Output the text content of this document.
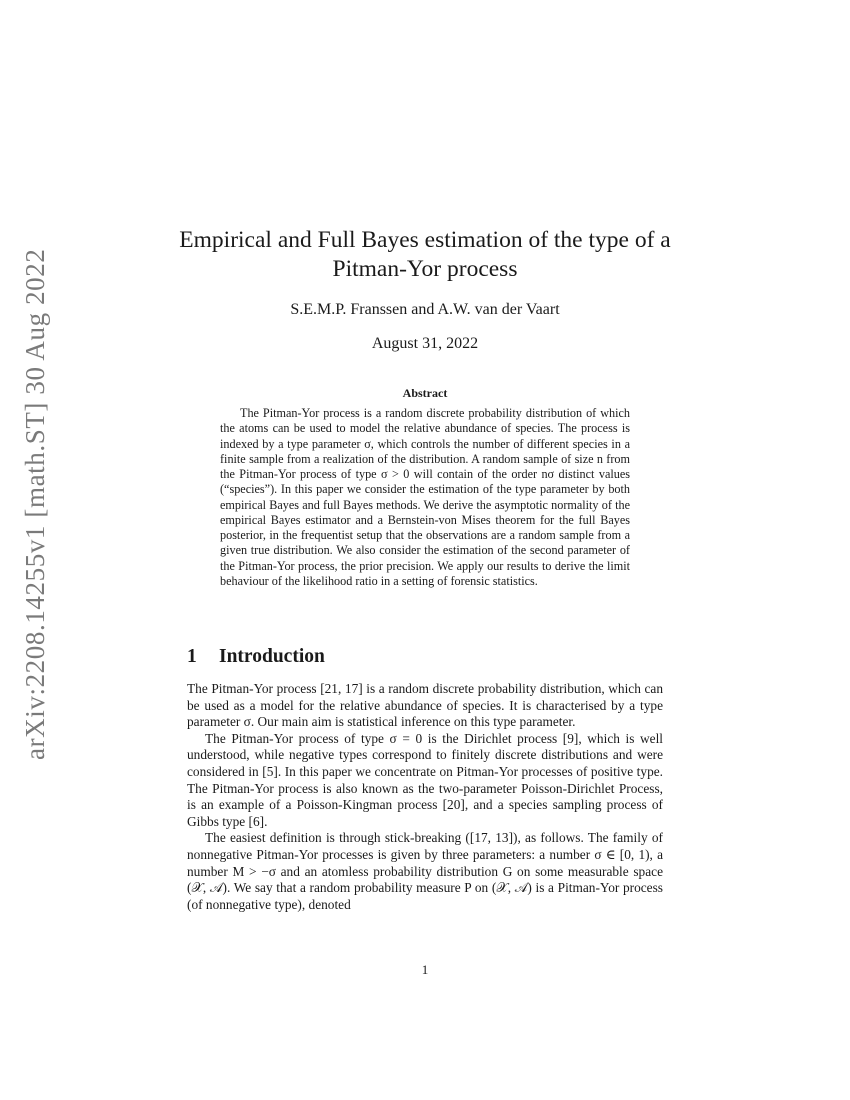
arXiv:2208.14255v1 [math.ST] 30 Aug 2022
Empirical and Full Bayes estimation of the type of a Pitman-Yor process
S.E.M.P. Franssen and A.W. van der Vaart
August 31, 2022
Abstract

The Pitman-Yor process is a random discrete probability distribution of which the atoms can be used to model the relative abundance of species. The process is indexed by a type parameter σ, which controls the number of different species in a finite sample from a realization of the distribution. A random sample of size n from the Pitman-Yor process of type σ > 0 will contain of the order nσ distinct values (“species”). In this paper we consider the estimation of the type parameter by both empirical Bayes and full Bayes methods. We derive the asymptotic normality of the empirical Bayes estimator and a Bernstein-von Mises theorem for the full Bayes posterior, in the frequentist setup that the observations are a random sample from a given true distribution. We also consider the estimation of the second parameter of the Pitman-Yor process, the prior precision. We apply our results to derive the limit behaviour of the likelihood ratio in a setting of forensic statistics.

1 Introduction

The Pitman-Yor process [21, 17] is a random discrete probability distribution, which can be used as a model for the relative abundance of species. It is characterised by a type parameter σ. Our main aim is statistical inference on this type parameter.

The Pitman-Yor process of type σ = 0 is the Dirichlet process [9], which is well understood, while negative types correspond to finitely discrete distributions and were considered in [5]. In this paper we concentrate on Pitman-Yor processes of positive type. The Pitman-Yor process is also known as the two-parameter Poisson-Dirichlet Process, is an example of a Poisson-Kingman process [20], and a species sampling process of Gibbs type [6].

The easiest definition is through stick-breaking ([17, 13]), as follows. The family of nonnegative Pitman-Yor processes is given by three parameters: a number σ ∈ [0, 1), a number M > −σ and an atomless probability distribution G on some measurable space (𝒳, 𝒜). We say that a random probability measure P on (𝒳, 𝒜) is a Pitman-Yor process (of nonnegative type), denoted

1
